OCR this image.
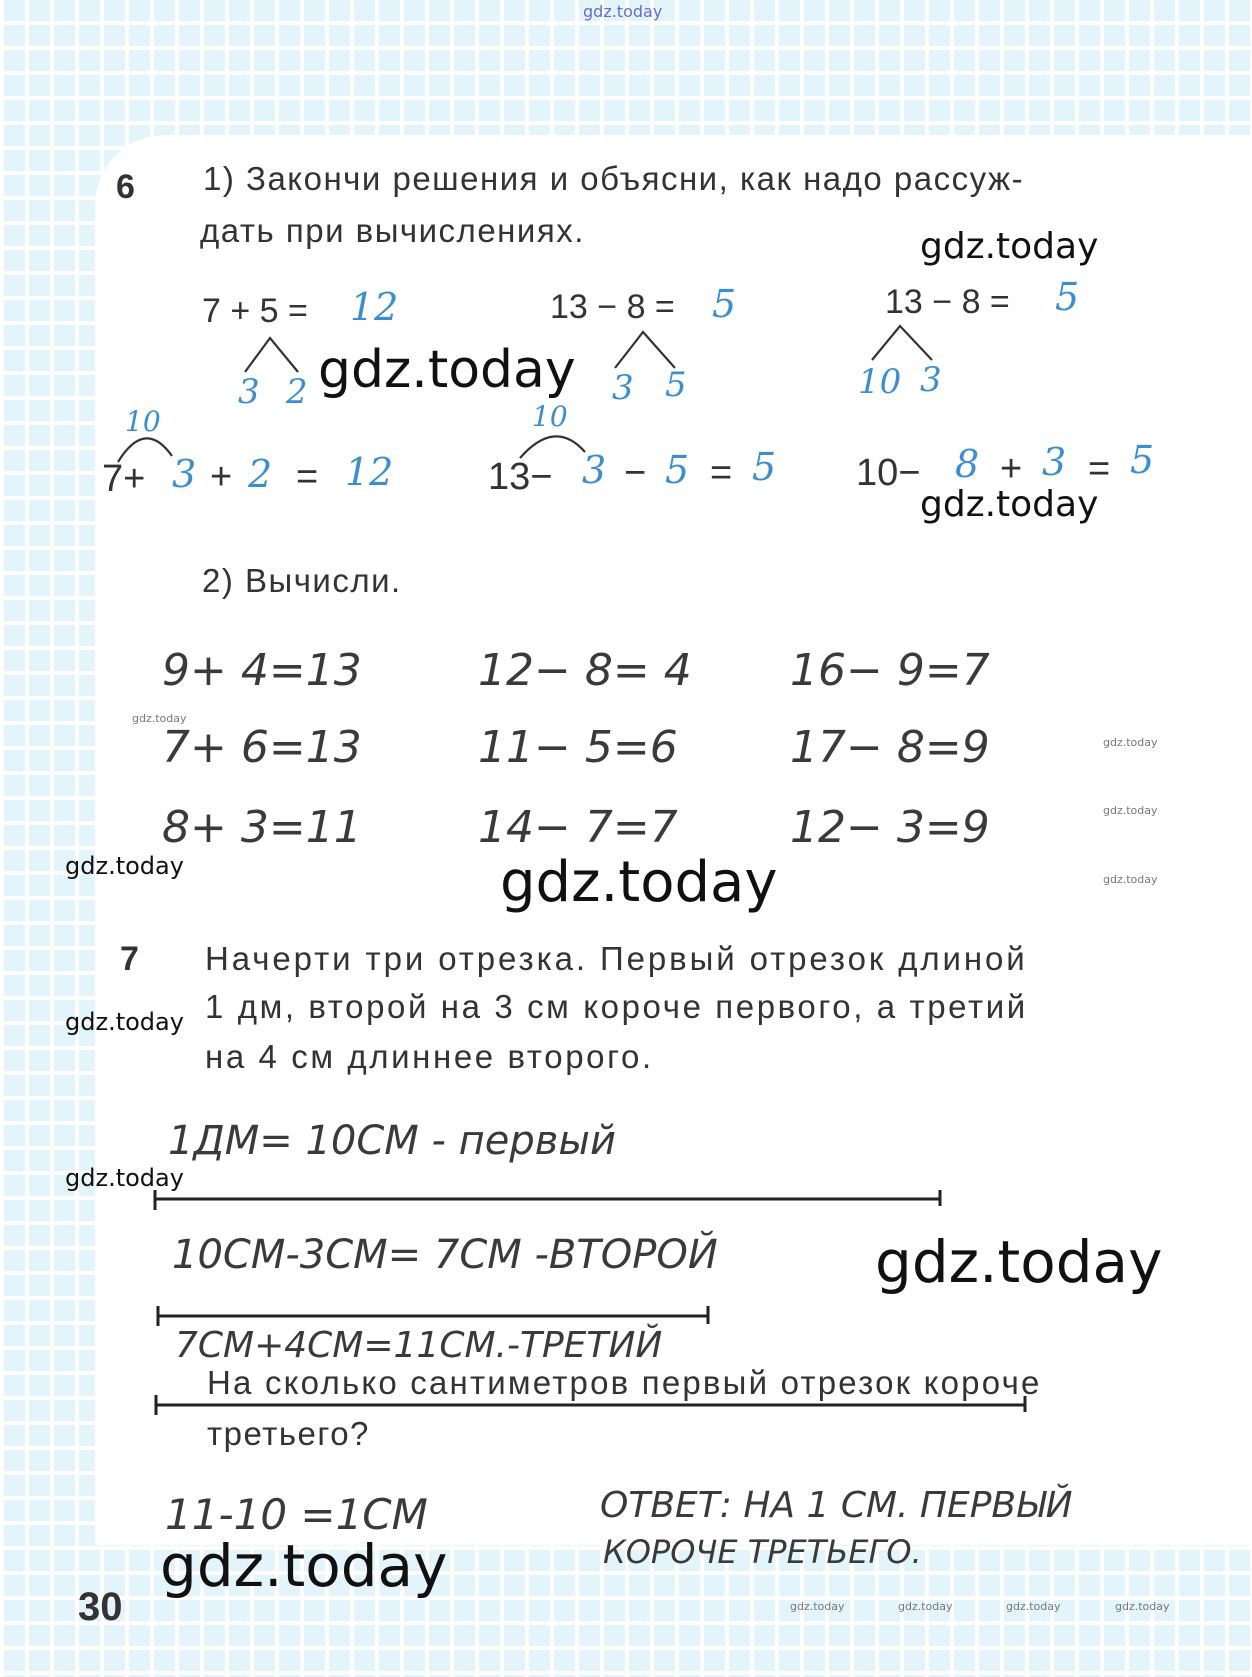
gdz.today
6 1) Закончи решения и объясни, как надо рассуж-
дать при вычислениях.
7 + 5 = 12
3 2
10
7+ 3 + 2 = 12
13 − 8 = 5
3 5
10
13− 3 − 5 = 5
13 − 8 = 5
10 3
10− 8 + 3 = 5
2) Вычисли.
9+ 4=13	12− 8= 4 16− 9=7
7+ 6=13	11− 5=6	17− 8=9
8+ 3=11	14− 7=7	12− 3=9
7 Начерти три отрезка. Первый отрезок длиной
1 дм, второй на 3 см короче первого, а третий
на 4 см длиннее второго.
1ДМ= 10СМ - первый
10СМ-3СМ= 7СМ -ВТОРОЙ
7СМ+4СМ=11СМ.-ТРЕТИЙ
На сколько сантиметров первый отрезок короче
третьего?
11-10 =1СМ	ОТВЕТ: НА 1 СМ. ПЕРВЫЙ
КОРОЧЕ ТРЕТЬЕГО.
gdz.today
gdz.today
gdz.today
gdz.today	gdz.today
gdz.today
gdz.today
gdz.today
gdz.today
gdz.today
gdz.today
gdz.today
gdz.today
gdz.today	gdz.today	gdz.today	gdz.today
30
